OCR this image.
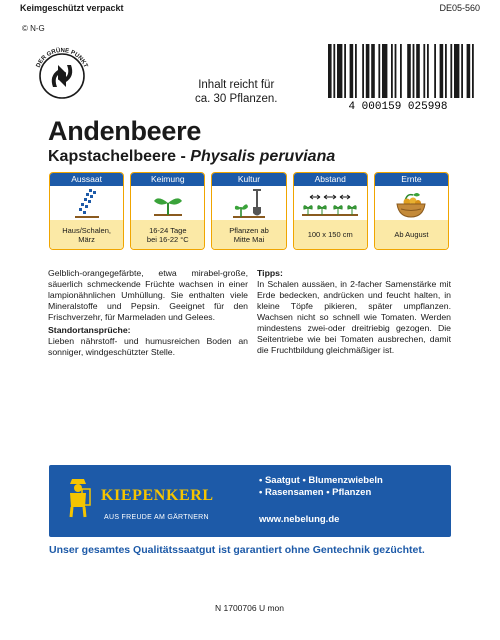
Keimgeschützt verpackt	DE05-560
© N-G
DER GRÜNE PUNKT
Inhalt reicht für
ca. 30 Pflanzen.
4 000159 025998
Andenbeere
Kapstachelbeere - Physalis peruviana
Aussaat
Haus/Schalen,
März
Keimung
16-24 Tage
bei 16-22 °C
Kultur
Pflanzen ab
Mitte Mai
Abstand
100 x 150 cm
Ernte
Ab August
Gelblich-orangegefärbte, etwa mirabel-großе, säuerlich schmeckende Früchte wachsen in einer lampionähnlichen Umhüllung. Sie enthalten viele Mineralstoffe und Pepsin. Geeignet für den Frischverzehr, für Marmeladen und Gelees.
Standortansprüche:
Lieben nährstoff- und humusreichen Boden an sonniger, windgeschützter Stelle.
Tipps:
In Schalen aussäen, in 2-facher Samenstärke mit Erde bedecken, andrücken und feucht halten, in kleine Töpfe pikieren, später umpflanzen. Wachsen nicht so schnell wie Tomaten. Werden mindestens zwei-oder dreitriebig gezogen. Die Seitentriebe wie bei Tomaten ausbrechen, damit die Fruchtbildung gleichmäßiger ist.
KIEPENKERL
AUS FREUDE AM GÄRTNERN
• Saatgut • Blumenzwiebeln
• Rasensamen • Pflanzen
www.nebelung.de
Unser gesamtes Qualitätssaatgut ist garantiert ohne Gentechnik gezüchtet.
N 1700706 U mon
